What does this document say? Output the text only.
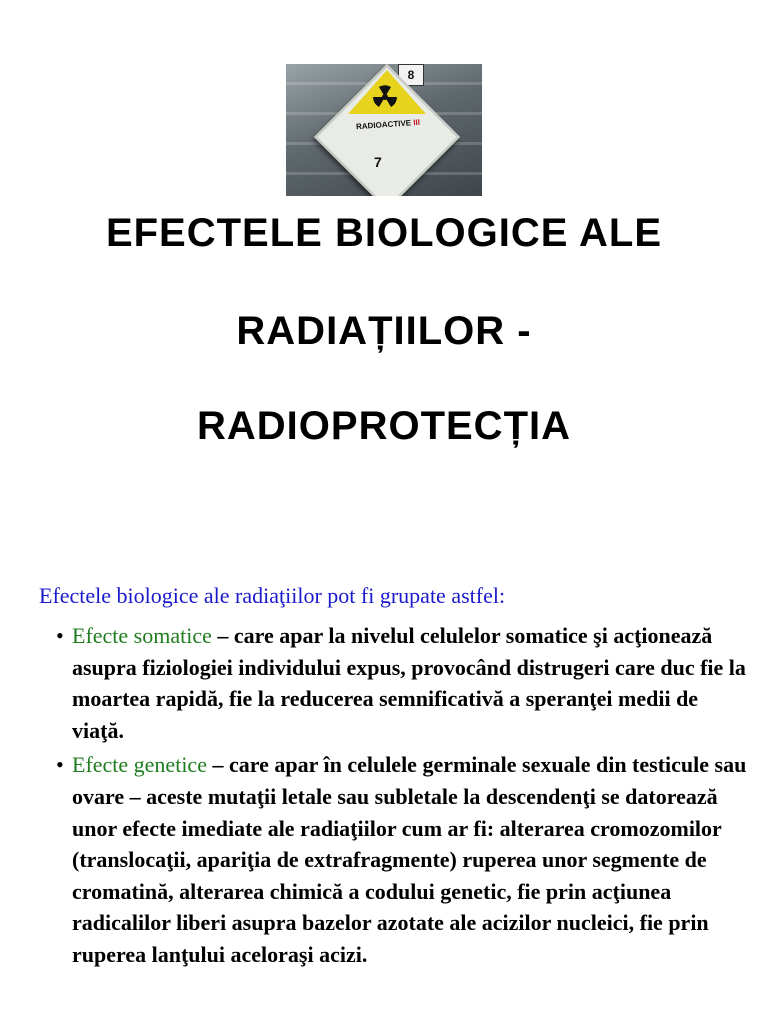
8
RADIOACTIVE III
7
EFECTELE BIOLOGICE ALE
RADIAȚIILOR -
RADIOPROTECȚIA

Efectele biologice ale radiaţiilor pot fi grupate astfel:

• Efecte somatice – care apar la nivelul celulelor somatice şi acţionează asupra fiziologiei individului expus, provocând distrugeri care duc fie la moartea rapidă, fie la reducerea semnificativă a speranţei medii de viaţă.
• Efecte genetice – care apar în celulele germinale sexuale din testicule sau ovare – aceste mutaţii letale sau subletale la descendenţi se datorează unor efecte imediate ale radiaţiilor cum ar fi: alterarea cromozomilor (translocaţii, apariţia de extrafragmente) ruperea unor segmente de cromatină, alterarea chimică a codului genetic, fie prin acţiunea radicalilor liberi asupra bazelor azotate ale acizilor nucleici, fie prin ruperea lanţului aceloraşi acizi.
